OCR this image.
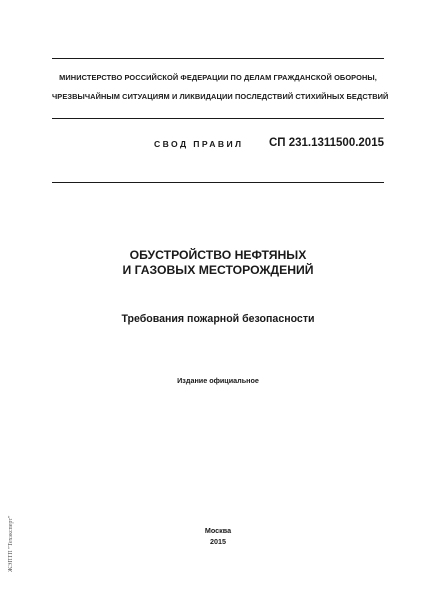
МИНИСТЕРСТВО РОССИЙСКОЙ ФЕДЕРАЦИИ ПО ДЕЛАМ ГРАЖДАНСКОЙ ОБОРОНЫ,
ЧРЕЗВЫЧАЙНЫМ СИТУАЦИЯМ И ЛИКВИДАЦИИ ПОСЛЕДСТВИЙ СТИХИЙНЫХ БЕДСТВИЙ
СВОД ПРАВИЛ СП 231.1311500.2015
ОБУСТРОЙСТВО НЕФТЯНЫХ
И ГАЗОВЫХ МЕСТОРОЖДЕНИЙ
Требования пожарной безопасности
Издание официальное
Москва
2015
ЖЭПТП "Техэксперт"
